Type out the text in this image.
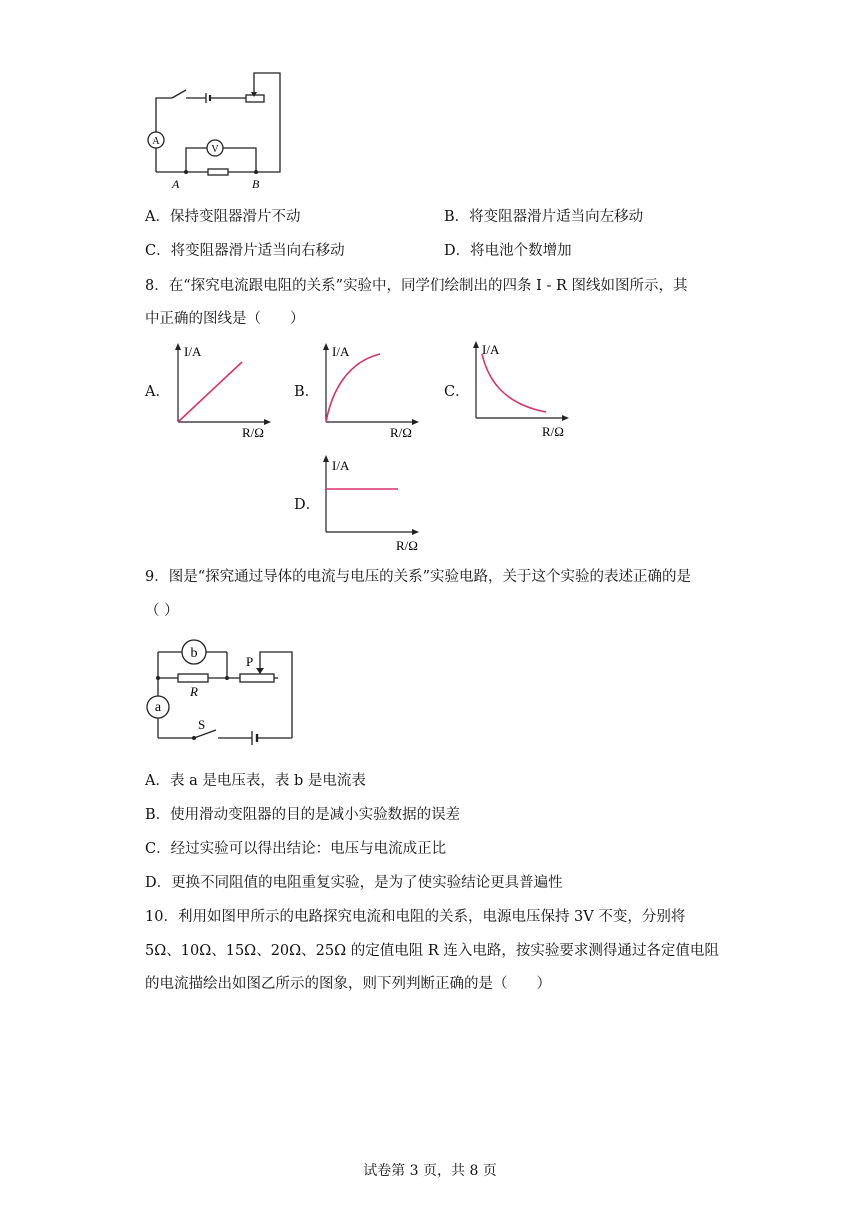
A
V
A	B
A．保持变阻器滑片不动	B．将变阻器滑片适当向左移动
C．将变阻器滑片适当向右移动	D．将电池个数增加
8．在“探究电流跟电阻的关系”实验中，同学们绘制出的四条 I - R 图线如图所示，其
中正确的图线是（　　）
A．
I/A
R/Ω
B．
I/A
R/Ω
C．
I/A
R/Ω
D．
I/A
R/Ω
9．图是“探究通过导体的电流与电压的关系”实验电路，关于这个实验的表述正确的是
（ ）
b
a
R
P
S
A．表 a 是电压表，表 b 是电流表
B．使用滑动变阻器的目的是减小实验数据的误差
C．经过实验可以得出结论：电压与电流成正比
D．更换不同阻值的电阻重复实验，是为了使实验结论更具普遍性
10．利用如图甲所示的电路探究电流和电阻的关系，电源电压保持 3V 不变，分别将
5Ω、10Ω、15Ω、20Ω、25Ω 的定值电阻 R 连入电路，按实验要求测得通过各定值电阻
的电流描绘出如图乙所示的图象，则下列判断正确的是（　　）
试卷第 3 页，共 8 页
